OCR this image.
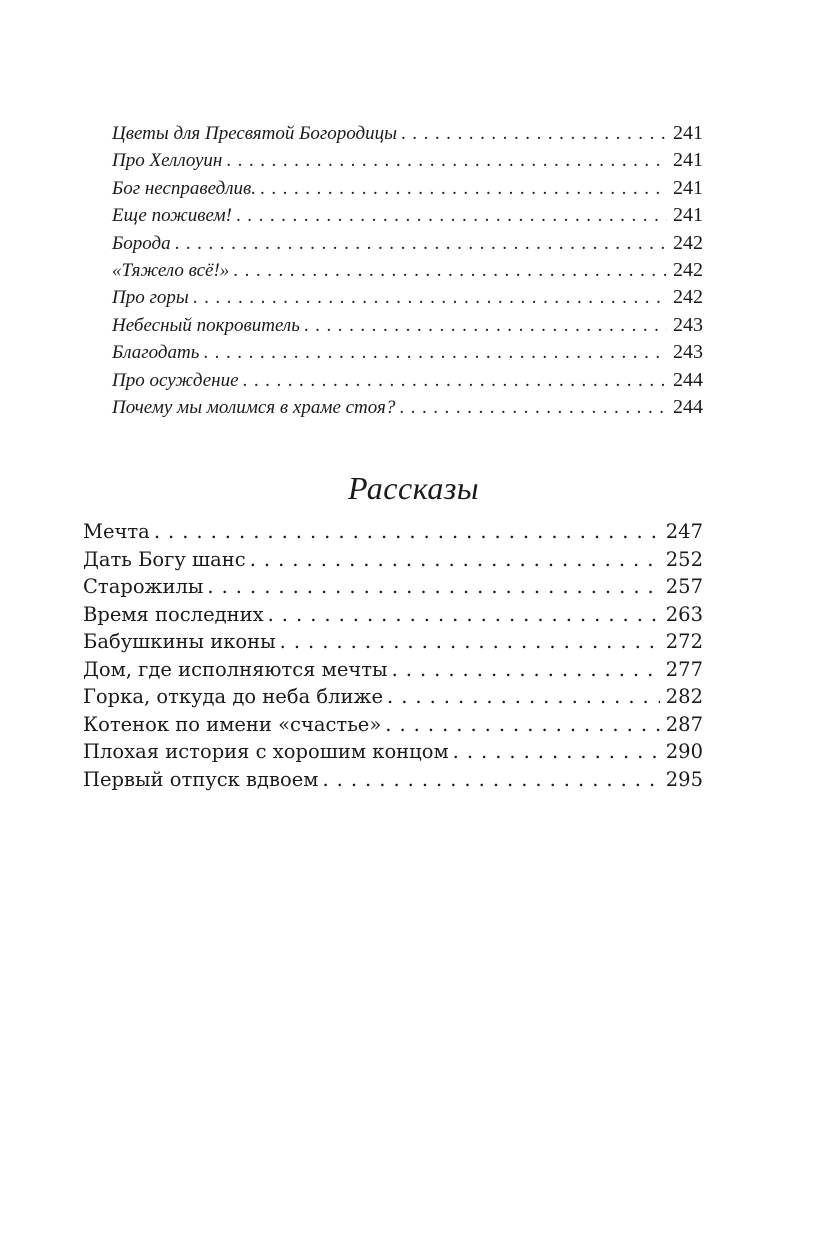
Цветы для Пресвятой Богородицы . . .	241
Про Хеллоуин . . .	241
Бог несправедлив. . . .	241
Еще поживем! . . .	241
Борода . . .	242
«Тяжело всё!» . . .	242
Про горы . . .	242
Небесный покровитель . . .	243
Благодать . . .	243
Про осуждение . . .	244
Почему мы молимся в храме стоя? . . .	244
Рассказы
Мечта . . .	247
Дать Богу шанс . . .	252
Старожилы . . .	257
Время последних . . .	263
Бабушкины иконы . . .	272
Дом, где исполняются мечты . . .	277
Горка, откуда до неба ближе . . .	282
Котенок по имени «счастье» . . .	287
Плохая история с хорошим концом . . .	290
Первый отпуск вдвоем . . .	295
